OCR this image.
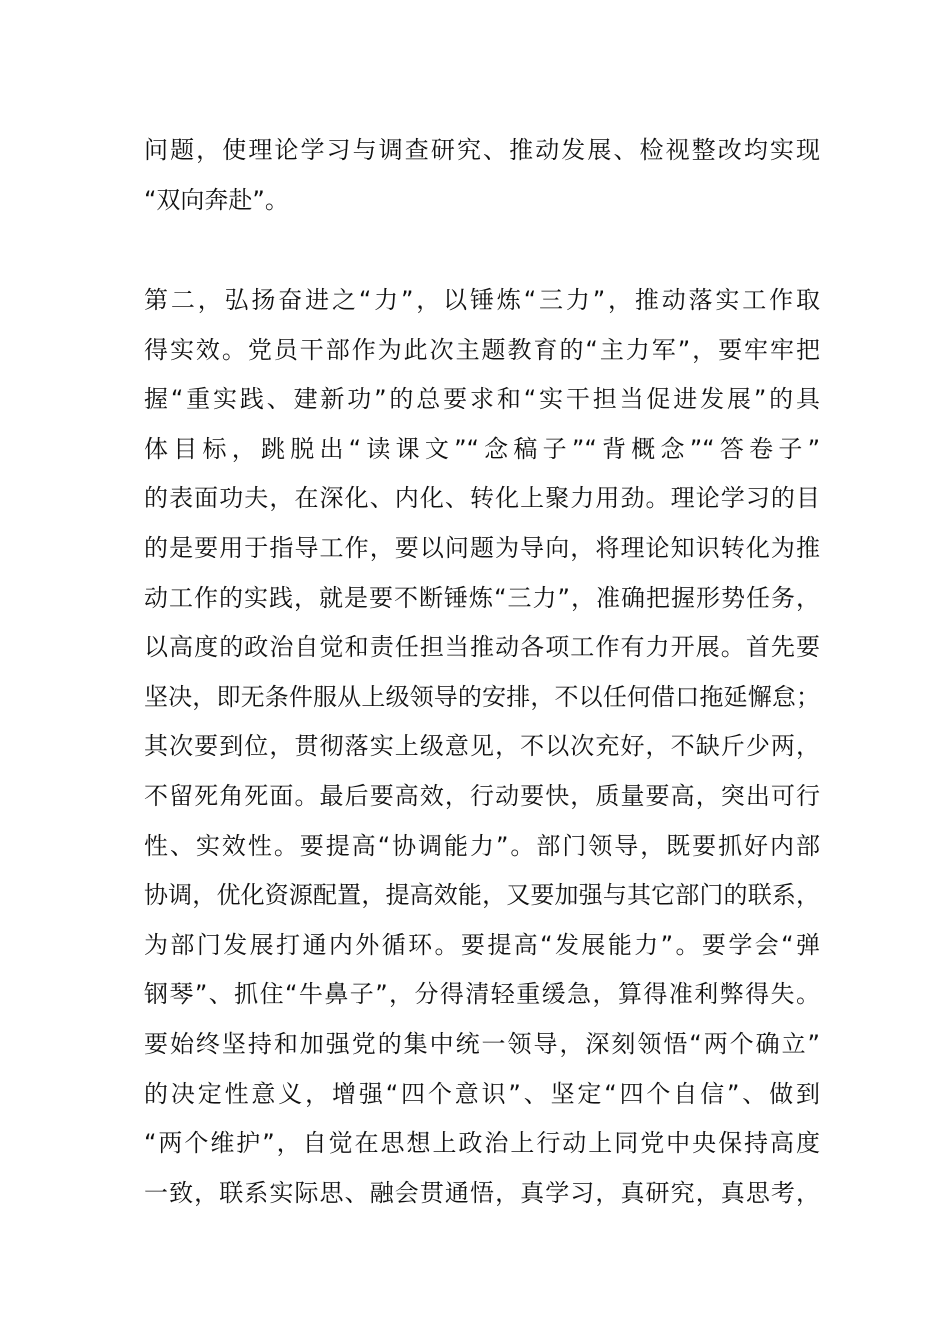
问题，使理论学习与调查研究、推动发展、检视整改均实现
“双向奔赴”。
第二，弘扬奋进之“力”，以锤炼“三力”，推动落实工作取
得实效。党员干部作为此次主题教育的“主力军”，要牢牢把
握“重实践、建新功”的总要求和“实干担当促进发展”的具
体目标，跳脱出“读课文”“念稿子”“背概念”“答卷子”
的表面功夫，在深化、内化、转化上聚力用劲。理论学习的目
的是要用于指导工作，要以问题为导向，将理论知识转化为推
动工作的实践，就是要不断锤炼“三力”，准确把握形势任务，
以高度的政治自觉和责任担当推动各项工作有力开展。首先要
坚决，即无条件服从上级领导的安排，不以任何借口拖延懈怠；
其次要到位，贯彻落实上级意见，不以次充好，不缺斤少两，
不留死角死面。最后要高效，行动要快，质量要高，突出可行
性、实效性。要提高“协调能力”。部门领导，既要抓好内部
协调，优化资源配置，提高效能，又要加强与其它部门的联系，
为部门发展打通内外循环。要提高“发展能力”。要学会“弹
钢琴”、抓住“牛鼻子”，分得清轻重缓急，算得准利弊得失。
要始终坚持和加强党的集中统一领导，深刻领悟“两个确立”
的决定性意义，增强“四个意识”、坚定“四个自信”、做到
“两个维护”，自觉在思想上政治上行动上同党中央保持高度
一致，联系实际思、融会贯通悟，真学习，真研究，真思考，
